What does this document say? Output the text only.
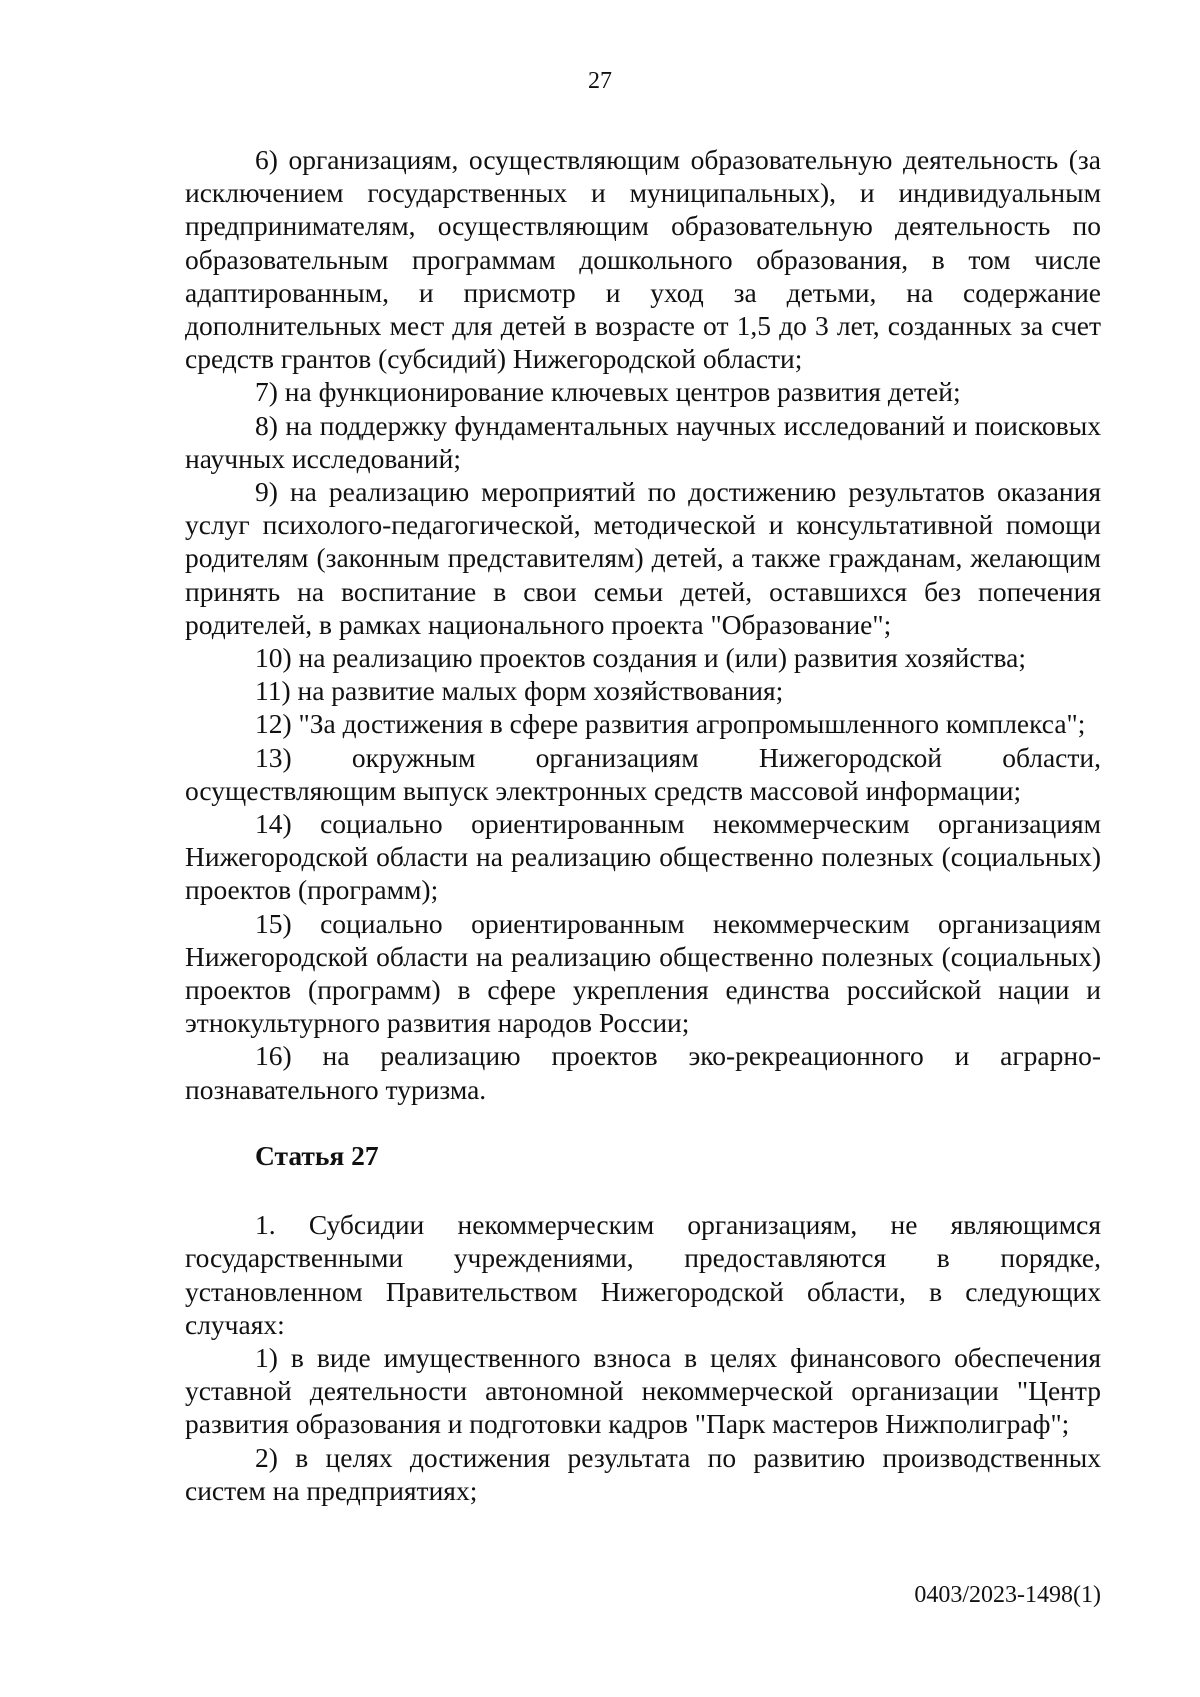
27

6) организациям, осуществляющим образовательную деятельность (за исключением государственных и муниципальных), и индивидуальным предпринимателям, осуществляющим образовательную деятельность по образовательным программам дошкольного образования, в том числе адаптированным, и присмотр и уход за детьми, на содержание дополнительных мест для детей в возрасте от 1,5 до 3 лет, созданных за счет средств грантов (субсидий) Нижегородской области;

7) на функционирование ключевых центров развития детей;

8) на поддержку фундаментальных научных исследований и поисковых научных исследований;

9) на реализацию мероприятий по достижению результатов оказания услуг психолого-педагогической, методической и консультативной помощи родителям (законным представителям) детей, а также гражданам, желающим принять на воспитание в свои семьи детей, оставшихся без попечения родителей, в рамках национального проекта "Образование";

10) на реализацию проектов создания и (или) развития хозяйства;

11) на развитие малых форм хозяйствования;

12) "За достижения в сфере развития агропромышленного комплекса";

13) окружным организациям Нижегородской области, осуществляющим выпуск электронных средств массовой информации;

14) социально ориентированным некоммерческим организациям Нижегородской области на реализацию общественно полезных (социальных) проектов (программ);

15) социально ориентированным некоммерческим организациям Нижегородской области на реализацию общественно полезных (социальных) проектов (программ) в сфере укрепления единства российской нации и этнокультурного развития народов России;

16) на реализацию проектов эко-рекреационного и аграрно-познавательного туризма.

Статья 27

1. Субсидии некоммерческим организациям, не являющимся государственными учреждениями, предоставляются в порядке, установленном Правительством Нижегородской области, в следующих случаях:

1) в виде имущественного взноса в целях финансового обеспечения уставной деятельности автономной некоммерческой организации "Центр развития образования и подготовки кадров "Парк мастеров Нижполиграф";

2) в целях достижения результата по развитию производственных систем на предприятиях;

0403/2023-1498(1)
